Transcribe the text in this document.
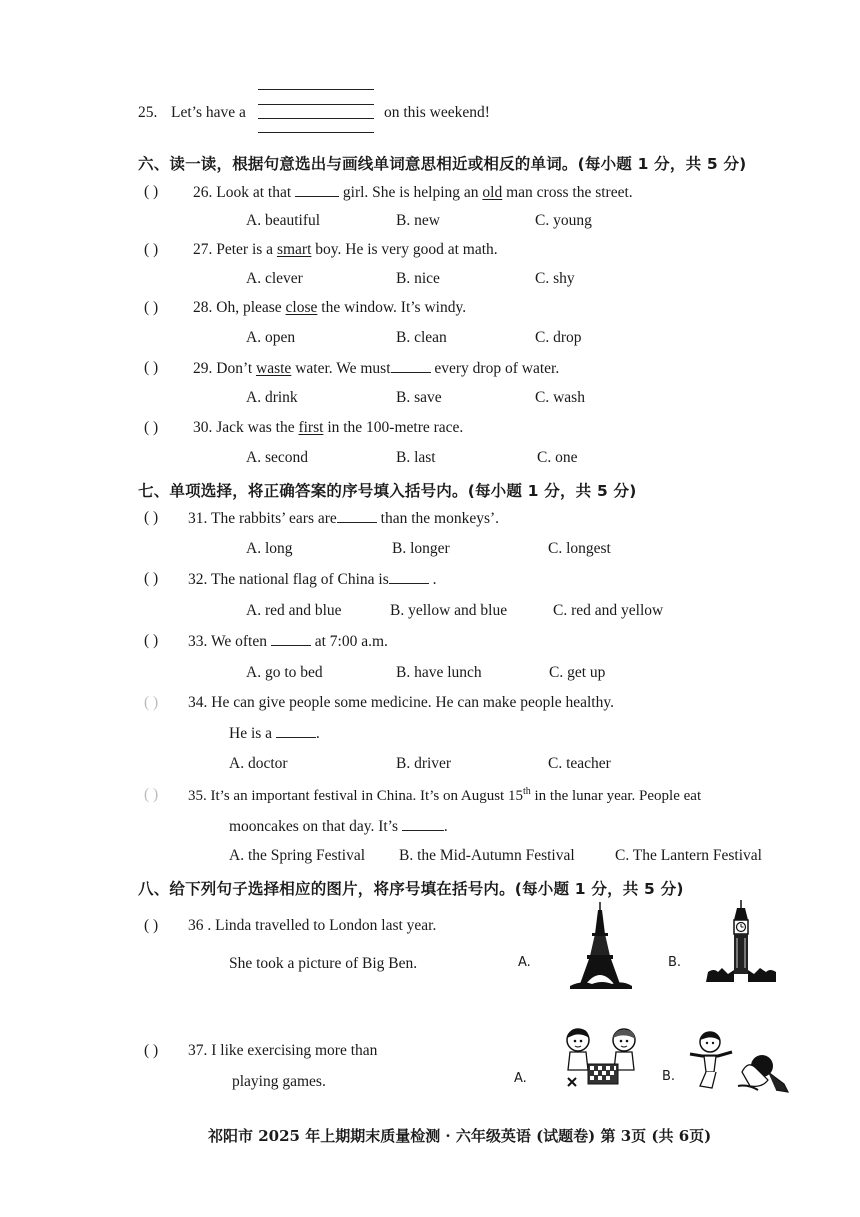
25. Let’s have a	on this weekend!
六、读一读，根据句意选出与画线单词意思相近或相反的单词。(每小题 1 分，共 5 分)
( ) 26. Look at that	girl. She is helping an old man cross the street.
A. beautiful	B. new	C. young
( ) 27. Peter is a smart boy. He is very good at math.
A. clever	B. nice	C. shy
( ) 28. Oh, please close the window. It’s windy.
A. open	B. clean	C. drop
( ) 29. Don’t waste water. We must	every drop of water.
A. drink	B. save	C. wash
( ) 30. Jack was the first in the 100-metre race.
A. second	B. last	C. one
七、单项选择，将正确答案的序号填入括号内。(每小题 1 分，共 5 分)
( ) 31. The rabbits’ ears are	than the monkeys’.
A. long	B. longer	C. longest
( ) 32. The national flag of China is	.
A. red and blue	B. yellow and blue	C. red and yellow
( ) 33. We often	at 7:00 a.m.
A. go to bed	B. have lunch	C. get up
( ) 34. He can give people some medicine. He can make people healthy.
He is a	.
A. doctor	B. driver	C. teacher
( ) 35. It’s an important festival in China. It’s on August 15th in the lunar year. People eat
mooncakes on that day. It’s	.
A. the Spring Festival B. the Mid-Autumn Festival	C. The Lantern Festival
八、给下列句子选择相应的图片，将序号填在括号内。(每小题 1 分，共 5 分)
( ) 36 . Linda travelled to London last year.
She took a picture of Big Ben.	A.	B.
( ) 37. I like exercising more than
playing games.	A.	B.
祁阳市 2025 年上期期末质量检测 · 六年级英语 (试题卷) 第 3页 (共 6页)
